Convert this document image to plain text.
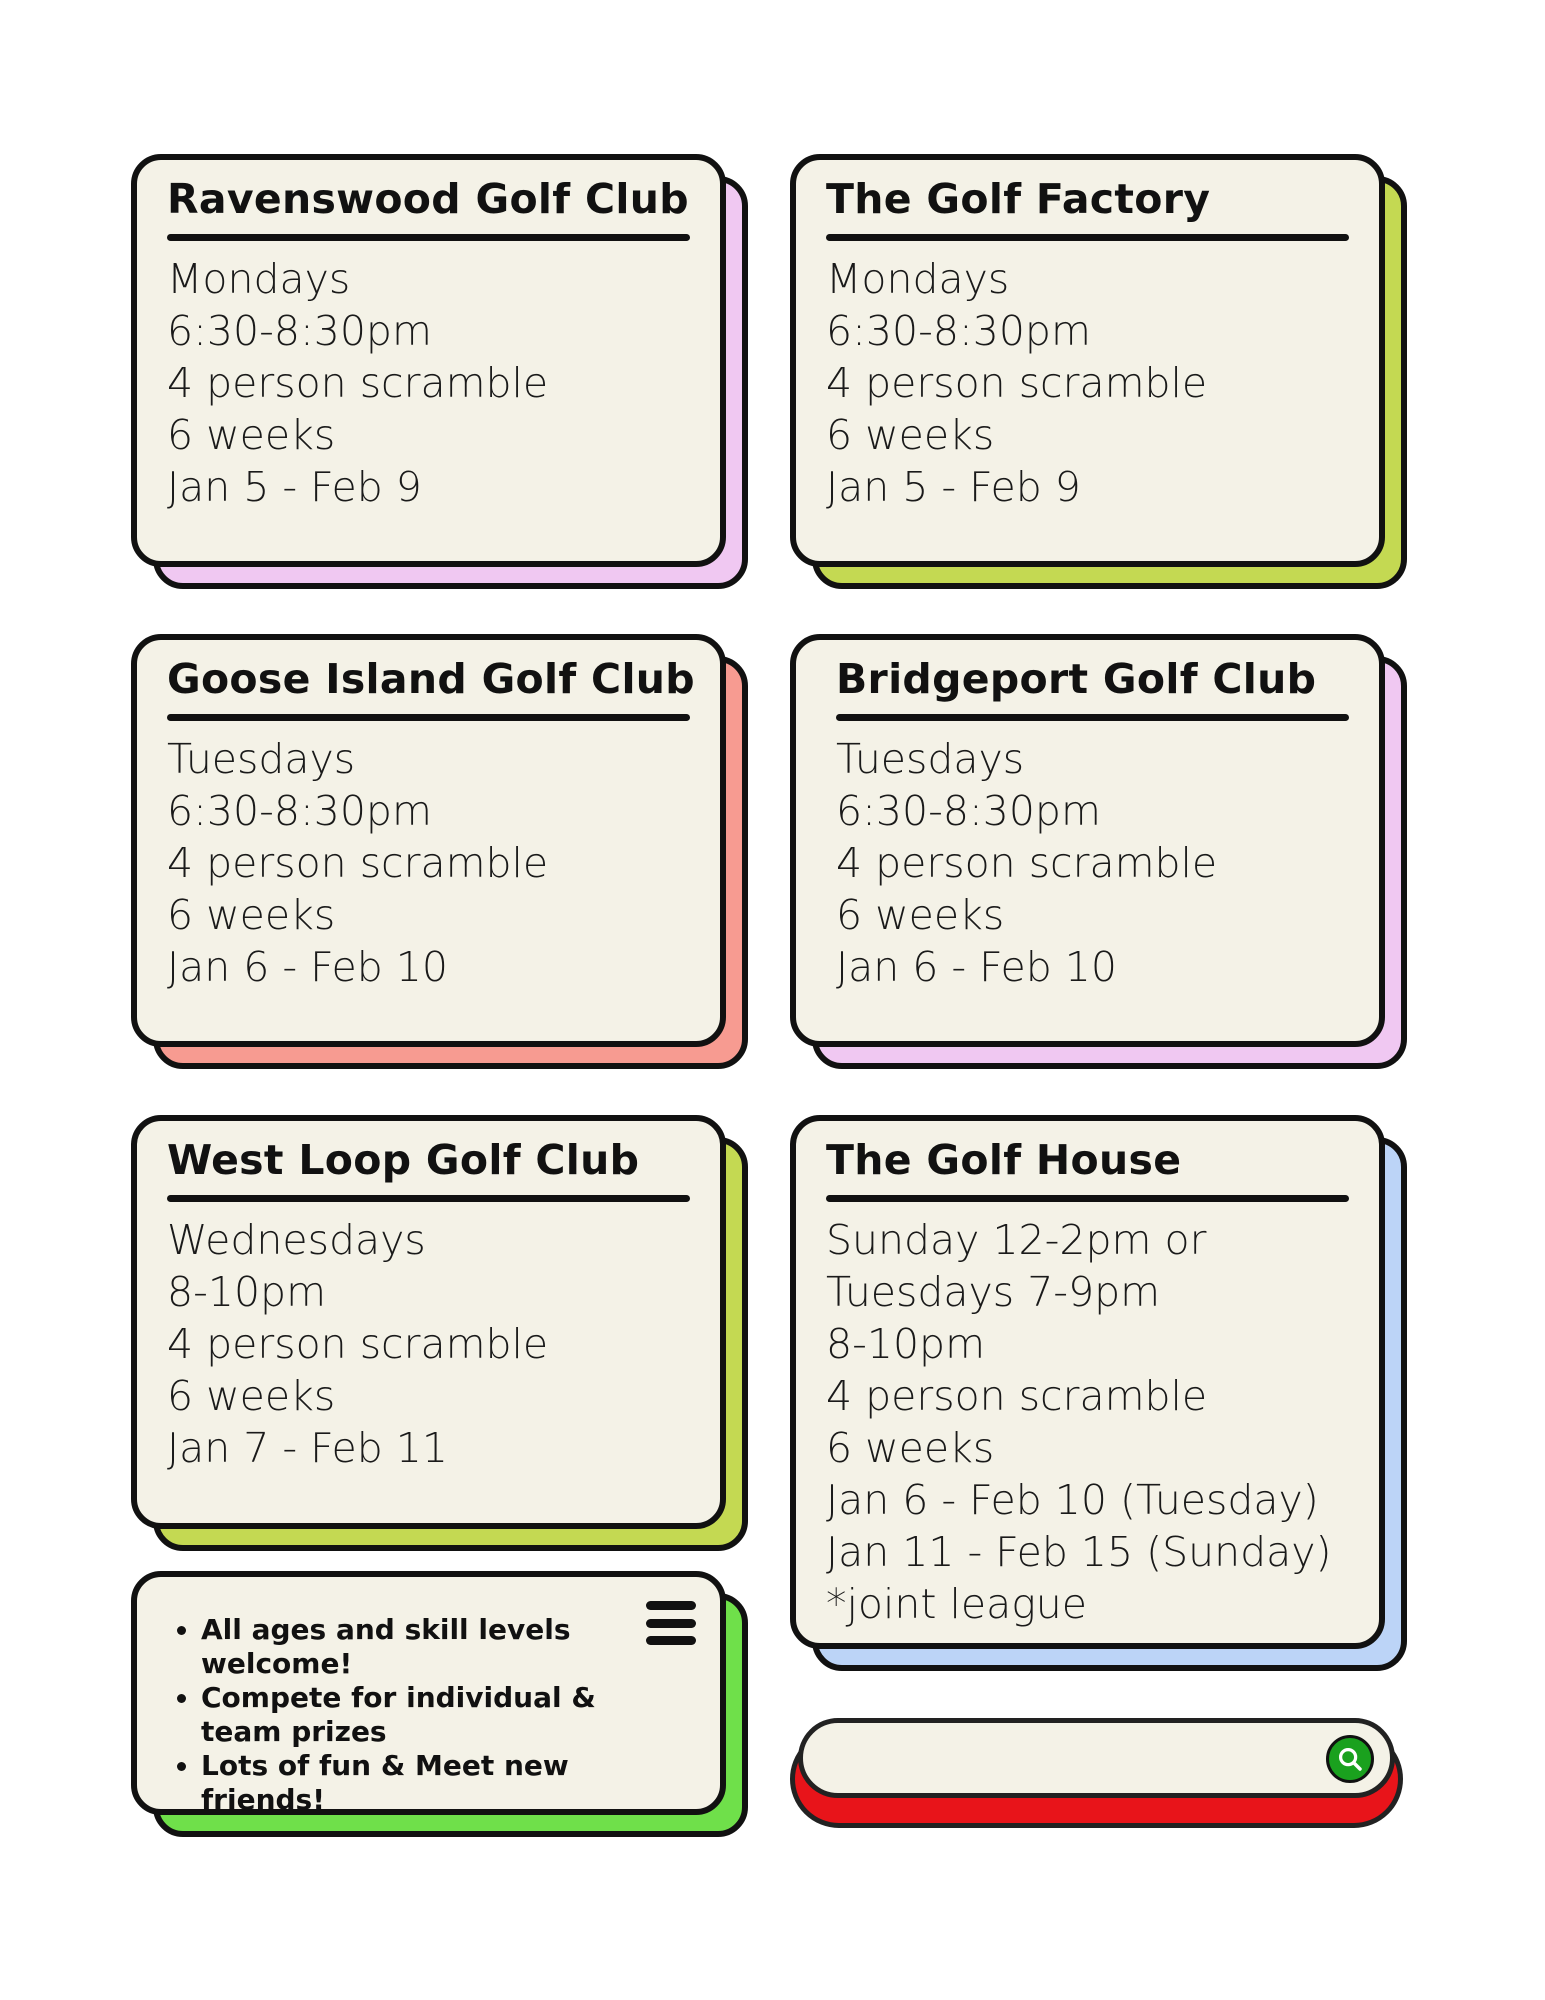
Ravenswood Golf Club
Mondays
6:30-8:30pm
4 person scramble
6 weeks
Jan 5 - Feb 9
The Golf Factory
Mondays
6:30-8:30pm
4 person scramble
6 weeks
Jan 5 - Feb 9
Goose Island Golf Club
Tuesdays
6:30-8:30pm
4 person scramble
6 weeks
Jan 6 - Feb 10
Bridgeport Golf Club
Tuesdays
6:30-8:30pm
4 person scramble
6 weeks
Jan 6 - Feb 10
West Loop Golf Club
Wednesdays
8-10pm
4 person scramble
6 weeks
Jan 7 - Feb 11
The Golf House
Sunday 12-2pm or
Tuesdays 7-9pm
8-10pm
4 person scramble
6 weeks
Jan 6 - Feb 10 (Tuesday)
Jan 11 - Feb 15 (Sunday)
*joint league
• All ages and skill levels welcome!
• Compete for individual & team prizes
• Lots of fun & Meet new friends!
